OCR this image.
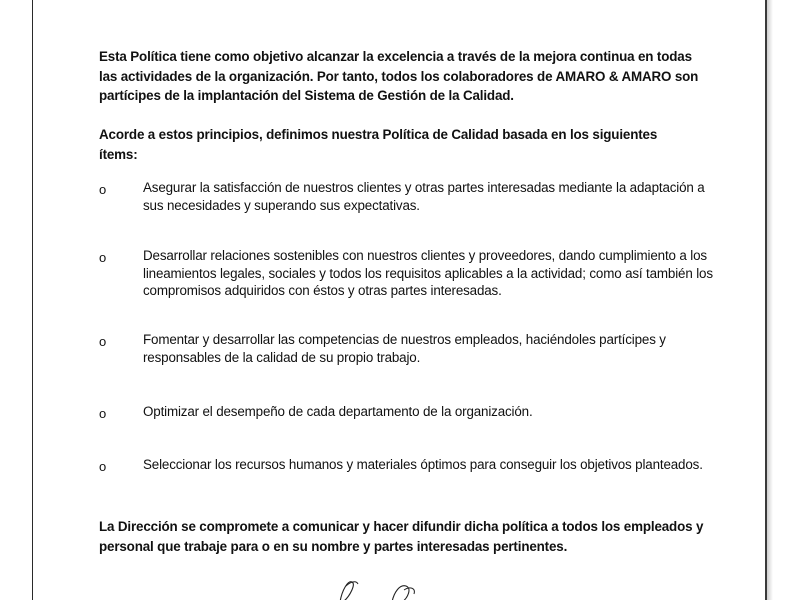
Esta Política tiene como objetivo alcanzar la excelencia a través de la mejora continua en todas las actividades de la organización. Por tanto, todos los colaboradores de AMARO & AMARO son partícipes de la implantación del Sistema de Gestión de la Calidad.
Acorde a estos principios, definimos nuestra Política de Calidad basada en los siguientes ítems:
o	Asegurar la satisfacción de nuestros clientes y otras partes interesadas mediante la adaptación a sus necesidades y superando sus expectativas.
o	Desarrollar relaciones sostenibles con nuestros clientes y proveedores, dando cumplimiento a los lineamientos legales, sociales y todos los requisitos aplicables a la actividad; como así también los compromisos adquiridos con éstos y otras partes interesadas.
o	Fomentar y desarrollar las competencias de nuestros empleados, haciéndoles partícipes y responsables de la calidad de su propio trabajo.
o	Optimizar el desempeño de cada departamento de la organización.
o	Seleccionar los recursos humanos y materiales óptimos para conseguir los objetivos planteados.
La Dirección se compromete a comunicar y hacer difundir dicha política a todos los empleados y personal que trabaje para o en su nombre y partes interesadas pertinentes.
